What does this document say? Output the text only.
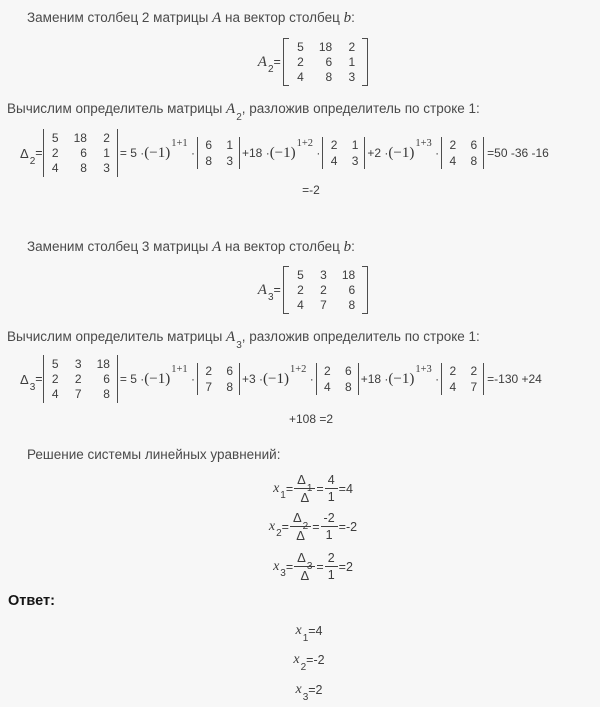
Заменим столбец 2 матрицы A на вектор столбец b:

$A_2$
=
5 18 2
2	6 1
4	8 3

Вычислим определитель матрицы $A_2$, разложив определитель по строке 1:

$\Delta_2$
=
5 18 2
2	6 1
4	8 3
= $5 \cdot (-1)^{1+1}$
·
6 1
8 3
$+18 \cdot (-1)^{1+2}$
·
2 1
4 3
$+2 \cdot (-1)^{1+3}$
·
2 6
4 8
=50 -36 -16
=-2

Заменим столбец 3 матрицы A на вектор столбец b:

$A_3$
=
5 3 18
2 2	6
4 7	8

Вычислим определитель матрицы $A_3$, разложив определитель по строке 1:

$\Delta_3$
=
5 3 18
2 2	6
4 7	8
= $5 \cdot (-1)^{1+1}$
·
2 6
7 8
$+3 \cdot (-1)^{1+2}$
·
2 6
4 8
$+18 \cdot (-1)^{1+3}$
·
2 2
4 7
=-130 +24
+108 =2

Решение системы линейных уравнений:

$x_1 = \frac{\Delta_1}{\Delta} = \frac{4}{1} =4$
$x_2 = \frac{\Delta_2}{\Delta} = \frac{-2}{1} =-2$
$x_3 = \frac{\Delta_3}{\Delta} = \frac{2}{1} =2$

Ответ:

$x_1 =4$
$x_2 =-2$
$x_3 =2$
